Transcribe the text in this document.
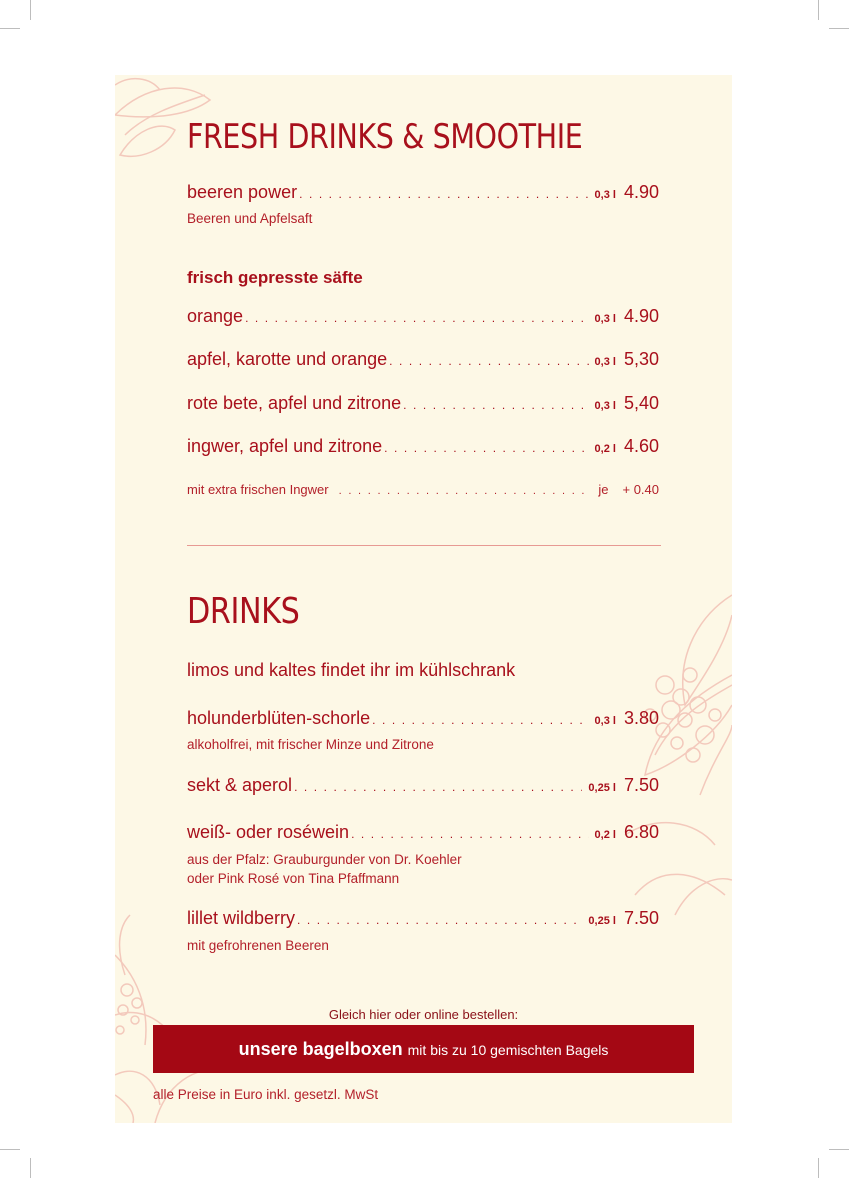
FRESH DRINKS & SMOOTHIE
beeren power . . .	0,3 l 4.90
Beeren und Apfelsaft
frisch gepresste säfte
orange . . .	0,3 l 4.90
apfel, karotte und orange . . .	0,3 l 5,30
rote bete, apfel und zitrone . . .	0,3 l 5,40
ingwer, apfel und zitrone . . .	0,2 l 4.60
mit extra frischen Ingwer . . .	je + 0.40
DRINKS
limos und kaltes findet ihr im kühlschrank
holunderblüten-schorle . . .	0,3 l 3.80
alkoholfrei, mit frischer Minze und Zitrone
sekt & aperol . . .	0,25 l 7.50
weiß- oder roséwein . . .	0,2 l 6.80
aus der Pfalz: Grauburgunder von Dr. Koehler
oder Pink Rosé von Tina Pfaffmann
lillet wildberry . . .	0,25 l 7.50
mit gefrohrenen Beeren
Gleich hier oder online bestellen:
unsere bagelboxen mit bis zu 10 gemischten Bagels
alle Preise in Euro inkl. gesetzl. MwSt
